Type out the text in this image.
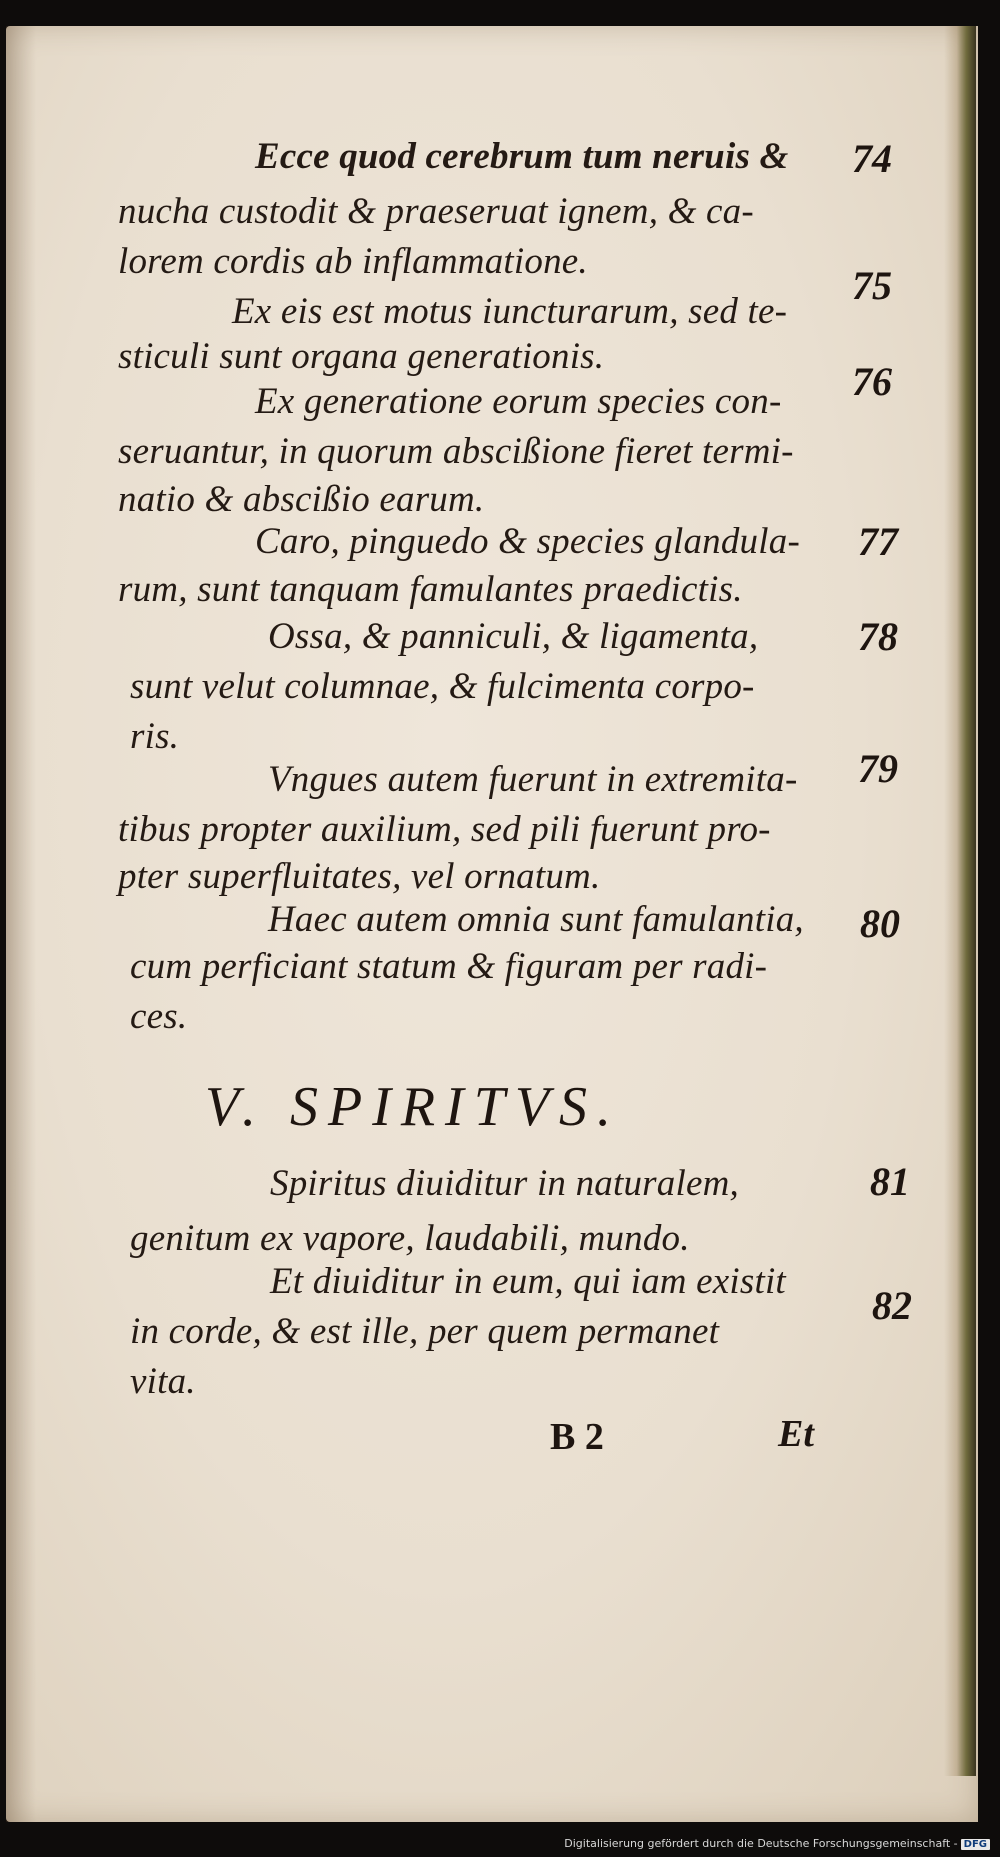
Ecce quod cerebrum tum neruis &
nucha custodit & praeseruat ignem, & ca-
lorem cordis ab inflammatione.
Ex eis est motus iuncturarum, sed te-
sticuli sunt organa generationis.
Ex generatione eorum species con-
seruantur, in quorum abscißione fieret termi-
natio & abscißio earum.
Caro, pinguedo & species glandula-
rum, sunt tanquam famulantes praedictis.
Ossa, & panniculi, & ligamenta,
sunt velut columnae, & fulcimenta corpo-
ris.
Vngues autem fuerunt in extremita-
tibus propter auxilium, sed pili fuerunt pro-
pter superfluitates, vel ornatum.
Haec autem omnia sunt famulantia,
cum perficiant statum & figuram per radi-
ces.
V. SPIRITVS.
Spiritus diuiditur in naturalem,
genitum ex vapore, laudabili, mundo.
Et diuiditur in eum, qui iam existit
in corde, & est ille, per quem permanet
vita.
74
75
76
77
78
79
80
81
82
B 2	Et
Digitalisierung gefördert durch die Deutsche Forschungsgemeinschaft - DFG
